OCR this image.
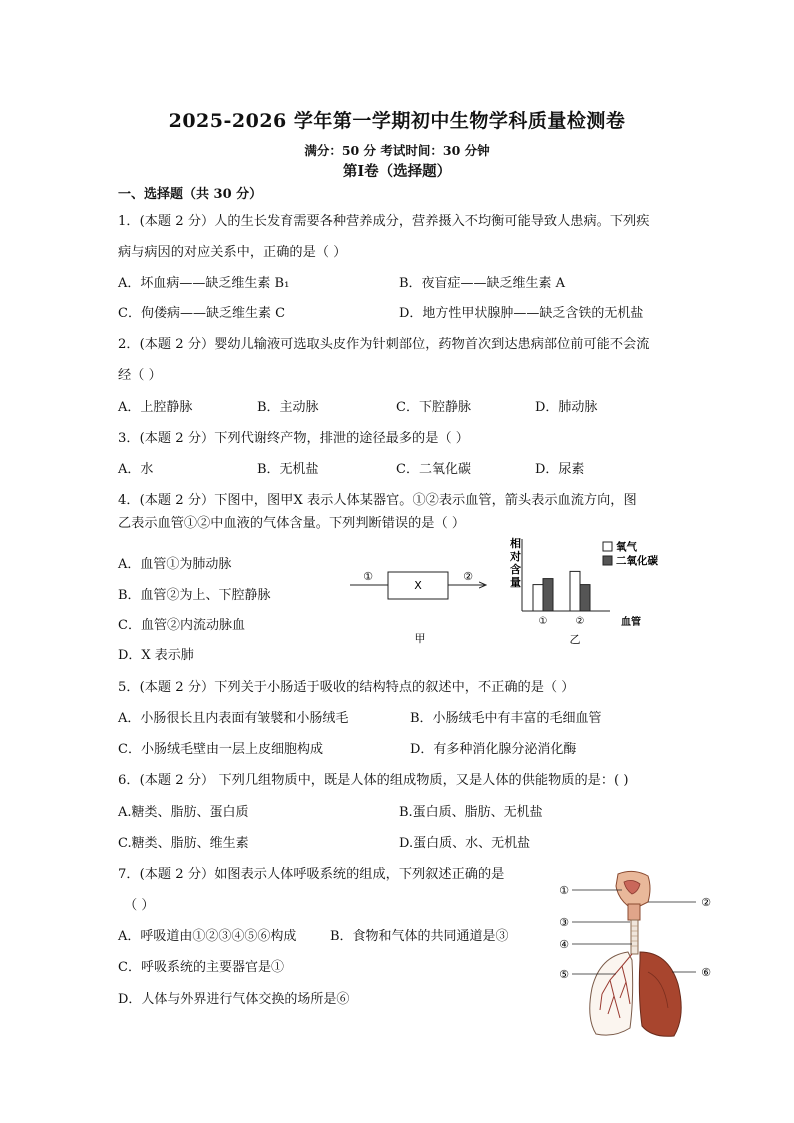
2025-2026 学年第一学期初中生物学科质量检测卷
满分：50 分 考试时间：30 分钟
第Ⅰ卷（选择题）
一、选择题（共 30 分）
1．(本题 2 分）人的生长发育需要各种营养成分，营养摄入不均衡可能导致人患病。下列疾
病与病因的对应关系中，正确的是（ ）
A．坏血病——缺乏维生素 B₁	B．夜盲症——缺乏维生素 A
C．佝偻病——缺乏维生素 C	D．地方性甲状腺肿——缺乏含铁的无机盐
2．(本题 2 分）婴幼儿输液可选取头皮作为针刺部位，药物首次到达患病部位前可能不会流
经（ ）
A．上腔静脉	B．主动脉	C．下腔静脉	D．肺动脉
3．(本题 2 分）下列代谢终产物，排泄的途径最多的是（ ）
A．水	B．无机盐	C．二氧化碳	D．尿素
4．(本题 2 分）下图中，图甲X 表示人体某器官。①②表示血管，箭头表示血流方向，图
乙表示血管①②中血液的气体含量。下列判断错误的是（ ）
A．血管①为肺动脉
B．血管②为上、下腔静脉
C．血管②内流动脉血
D．X 表示肺
①
X
②
甲
相
对
含
量
①	②	血管
乙
氧气
二氧化碳
5．(本题 2 分）下列关于小肠适于吸收的结构特点的叙述中，不正确的是（ ）
A．小肠很长且内表面有皱襞和小肠绒毛	B．小肠绒毛中有丰富的毛细血管
C．小肠绒毛壁由一层上皮细胞构成	D．有多种消化腺分泌消化酶
6．(本题 2 分） 下列几组物质中，既是人体的组成物质，又是人体的供能物质的是：( )
A.糖类、脂肪、蛋白质	B.蛋白质、脂肪、无机盐
C.糖类、脂肪、维生素	D.蛋白质、水、无机盐
7．(本题 2 分）如图表示人体呼吸系统的组成，下列叙述正确的是
（ ）
A．呼吸道由①②③④⑤⑥构成	B．食物和气体的共同通道是③
C．呼吸系统的主要器官是①
D．人体与外界进行气体交换的场所是⑥
①
②
③
④
⑤	⑥
